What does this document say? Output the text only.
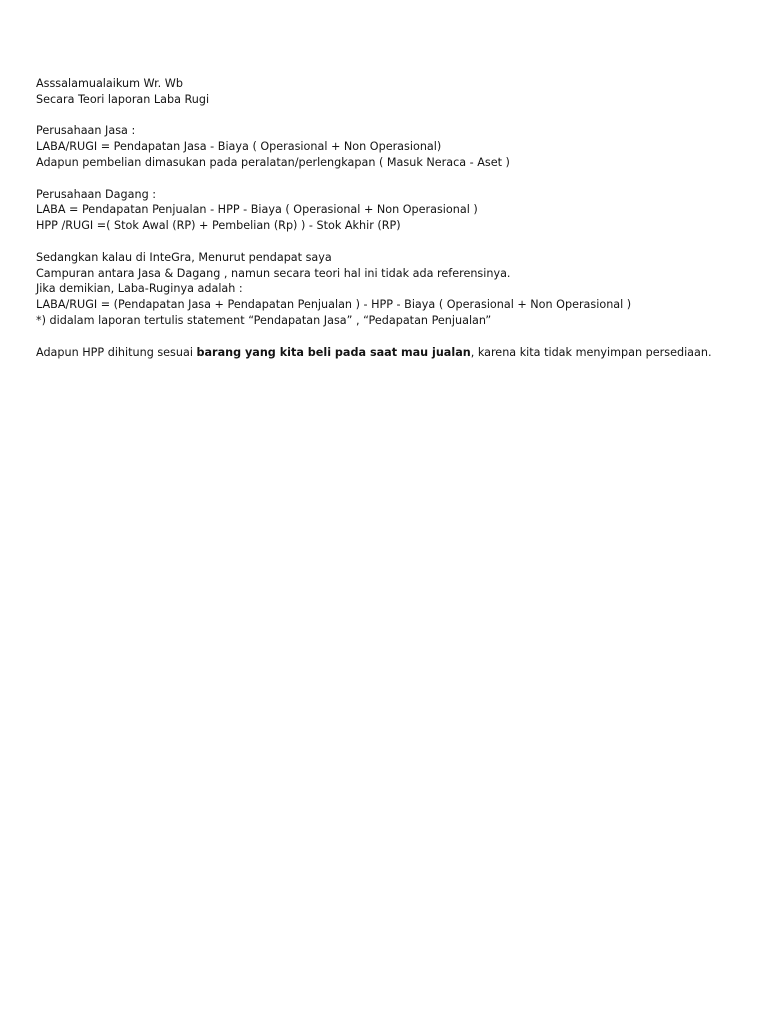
Asssalamualaikum Wr. Wb
Secara Teori laporan Laba Rugi
Perusahaan Jasa :
LABA/RUGI = Pendapatan Jasa - Biaya ( Operasional + Non Operasional)
Adapun pembelian dimasukan pada peralatan/perlengkapan ( Masuk Neraca - Aset )
Perusahaan Dagang :
LABA = Pendapatan Penjualan - HPP - Biaya ( Operasional + Non Operasional )
HPP /RUGI =( Stok Awal (RP) + Pembelian (Rp) ) - Stok Akhir (RP)
Sedangkan kalau di InteGra, Menurut pendapat saya
Campuran antara Jasa & Dagang , namun secara teori hal ini tidak ada referensinya.
Jika demikian, Laba-Ruginya adalah :
LABA/RUGI = (Pendapatan Jasa + Pendapatan Penjualan ) - HPP - Biaya ( Operasional + Non Operasional )
*) didalam laporan tertulis statement “Pendapatan Jasa” , “Pedapatan Penjualan”
Adapun HPP dihitung sesuai barang yang kita beli pada saat mau jualan, karena kita tidak menyimpan persediaan.
